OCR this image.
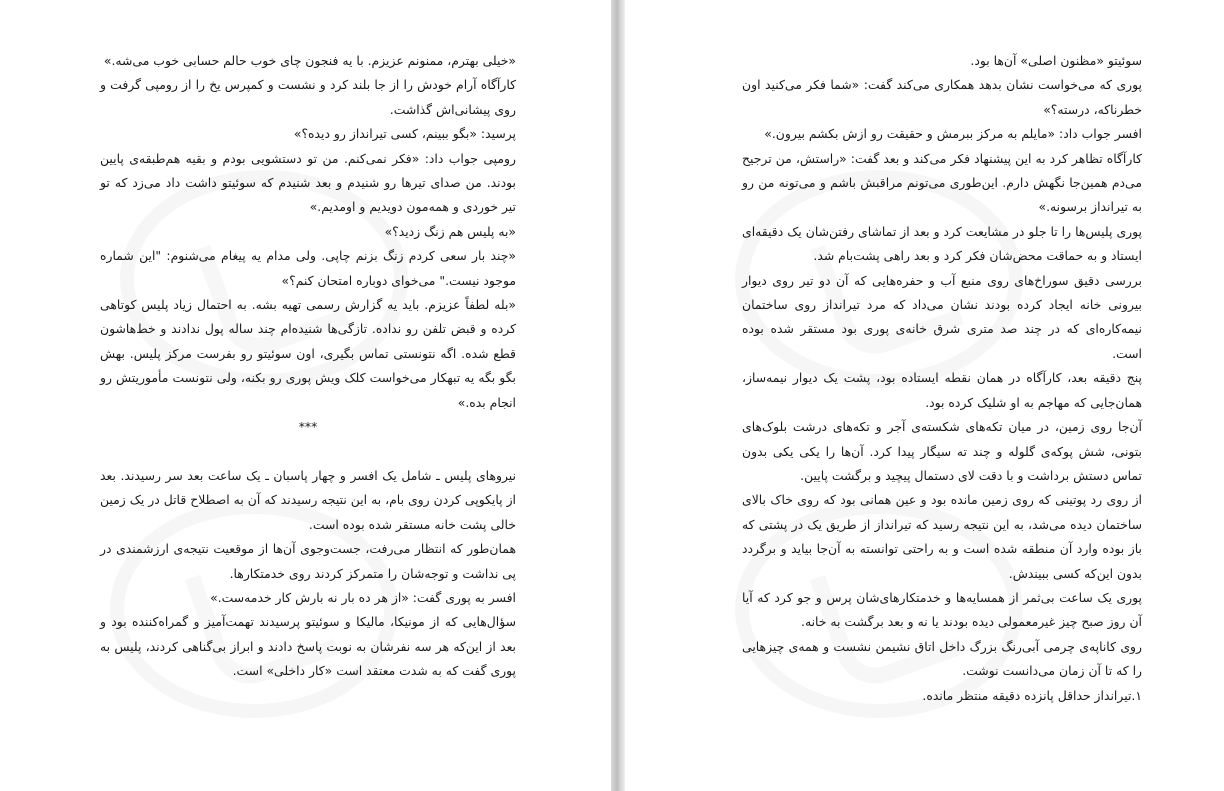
«خیلی بهترم، ممنونم عزیزم. با یه فنجون چای خوب حالم حسابی خوب می‌شه.»

کارآگاه آرام خودش را از جا بلند کرد و نشست و کمپرس یخ را از رومپی گرفت و روی پیشانی‌اش گذاشت.

پرسید: «بگو ببینم، کسی تیرانداز رو دیده؟»

رومپی جواب داد: «فکر نمی‌کنم. من تو دستشویی بودم و بقیه هم‌طبقه‌ی پایین بودند. من صدای تیرها رو شنیدم و بعد شنیدم که سوئیتو داشت داد می‌زد که تو تیر خوردی و همه‌مون دویدیم و اومدیم.»

«به پلیس هم زنگ زدید؟»

«چند بار سعی کردم زنگ بزنم چاپی. ولی مدام یه پیغام می‌شنوم: "این شماره موجود نیست." می‌خوای دوباره امتحان کنم؟»

«بله لطفاً عزیزم. باید یه گزارش رسمی تهیه بشه. به احتمال زیاد پلیس کوتاهی کرده و قبض تلفن رو نداده. تازگی‌ها شنیده‌ام چند ساله پول ندادند و خط‌هاشون قطع شده. اگه نتونستی تماس بگیری، اون سوئیتو رو بفرست مرکز پلیس. بهش بگو بگه یه تبهکار می‌خواست کلک ویش پوری رو بکنه، ولی نتونست مأموریتش رو انجام بده.»

***

نیروهای پلیس ـ شامل یک افسر و چهار پاسبان ـ یک ساعت بعد سر رسیدند. بعد از پایکوپی کردن روی بام، به این نتیجه رسیدند که آن به اصطلاح قاتل در یک زمین خالی پشت خانه مستقر شده بوده است.

همان‌طور که انتظار می‌رفت، جست‌وجوی آن‌ها از موقعیت نتیجه‌ی ارزشمندی در پی نداشت و توجه‌شان را متمرکز کردند روی خدمتکارها.

افسر به پوری گفت: «از هر ده بار نه بارش کار خدمه‌ست.»

سؤال‌هایی که از مونیکا، مالیکا و سوئیتو پرسیدند تهمت‌آمیز و گمراه‌کننده بود و بعد از این‌که هر سه نفرشان به نوبت پاسخ دادند و ابراز بی‌گناهی کردند، پلیس به پوری گفت که به شدت معتقد است «کار داخلی» است.

سوئیتو «مظنون اصلی» آن‌ها بود.

پوری که می‌خواست نشان بدهد همکاری می‌کند گفت: «شما فکر می‌کنید اون خطرناکه، درسته؟»

افسر جواب داد: «مایلم به مرکز ببرمش و حقیقت رو ازش بکشم بیرون.»

کارآگاه تظاهر کرد به این پیشنهاد فکر می‌کند و بعد گفت: «راستش، من ترجیح می‌دم همین‌جا نگهش دارم. این‌طوری می‌تونم مراقبش باشم و می‌تونه من رو به تیرانداز برسونه.»

پوری پلیس‌ها را تا جلو در مشایعت کرد و بعد از تماشای رفتن‌شان یک دقیقه‌ای ایستاد و به حماقت محض‌شان فکر کرد و بعد راهی پشت‌بام شد.

بررسی دقیق سوراخ‌های روی منبع آب و حفره‌هایی که آن دو تیر روی دیوار بیرونی خانه ایجاد کرده بودند نشان می‌داد که مرد تیرانداز روی ساختمان نیمه‌کاره‌ای که در چند صد متری شرق خانه‌ی پوری بود مستقر شده بوده است.

پنج دقیقه بعد، کارآگاه در همان نقطه ایستاده بود، پشت یک دیوار نیمه‌ساز، همان‌جایی که مهاجم به او شلیک کرده بود.

آن‌جا روی زمین، در میان تکه‌های شکسته‌ی آجر و تکه‌های درشت بلوک‌های بتونی، شش پوکه‌ی گلوله و چند ته سیگار پیدا کرد. آن‌ها را یکی یکی بدون تماس دستش برداشت و با دقت لای دستمال پیچید و برگشت پایین.

از روی رد پوتینی که روی زمین مانده بود و عین همانی بود که روی خاک بالای ساختمان دیده می‌شد، به این نتیجه رسید که تیرانداز از طریق یک در پشتی که باز بوده وارد آن منطقه شده است و به راحتی توانسته به آن‌جا بیاید و برگردد بدون این‌که کسی ببیندش.

پوری یک ساعت بی‌ثمر از همسایه‌ها و خدمتکارهای‌شان پرس و جو کرد که آیا آن روز صبح چیز غیرمعمولی دیده بودند یا نه و بعد برگشت به خانه.

روی کاناپه‌ی چرمی آبی‌رنگ بزرگ داخل اتاق نشیمن نشست و همه‌ی چیزهایی را که تا آن زمان می‌دانست نوشت.

١.تیرانداز حداقل پانزده دقیقه منتظر مانده.
